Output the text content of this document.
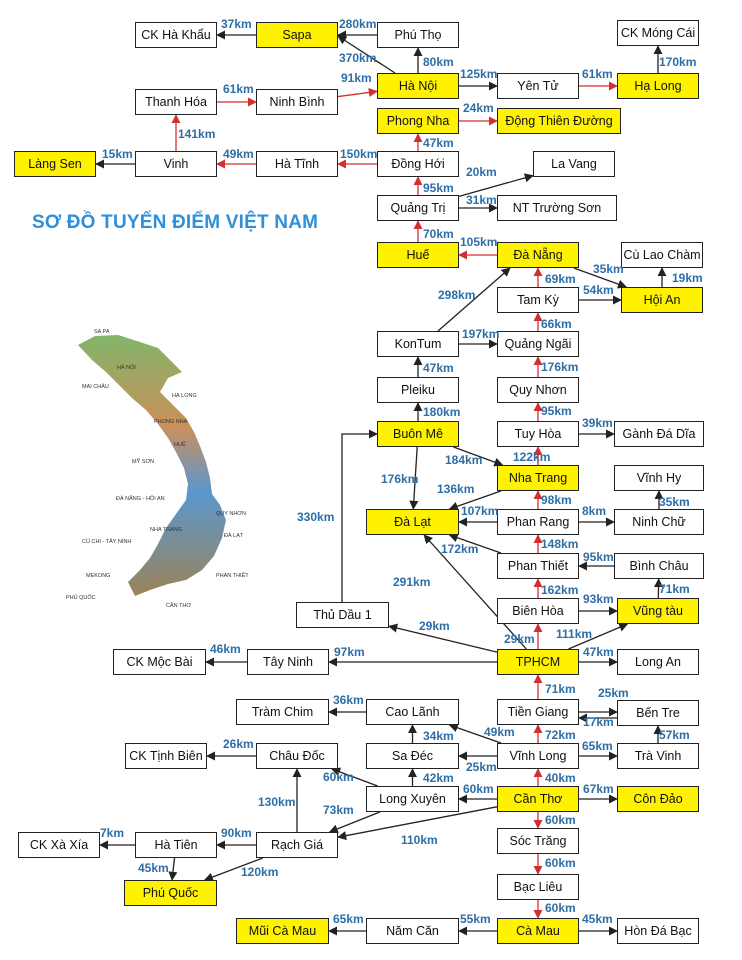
SƠ ĐỒ TUYẾN ĐIỂM VIỆT NAM
SA PA
HÀ NỘI
MAI CHÂU
HẠ LONG
PHONG NHA
HUẾ
MỸ SƠN
ĐÀ NẴNG - HỘI AN
QUY NHƠN
NHA TRANG
ĐÀ LẠT
CỦ CHI - TÂY NINH
MEKONG
PHÚ QUỐC
PHAN THIẾT
CẦN THƠ
CK Hà Khẩu	Sapa	Phú Thọ	CK Móng Cái
Hà Nội	Yên Tử	Hạ Long
Thanh Hóa	Ninh Bình
Phong Nha	Động Thiên Đường
Làng Sen	Vinh	Hà Tĩnh	Đồng Hới	La Vang
Quảng Trị	NT Trường Sơn
Huế	Đà Nẵng	Cù Lao Chàm
Tam Kỳ	Hội An
KonTum	Quảng Ngãi
Pleiku	Quy Nhơn
Buôn Mê	Tuy Hòa	Gành Đá Dĩa
Nha Trang	Vĩnh Hy
Đà Lạt	Phan Rang	Ninh Chữ
Phan Thiết	Bình Châu
Thủ Dầu 1	Biên Hòa	Vũng tàu
CK Mộc Bài	Tây Ninh	TPHCM	Long An
Tràm Chim	Cao Lãnh	Tiền Giang	Bến Tre
CK Tịnh Biên	Châu Đốc	Sa Đéc	Vĩnh Long	Trà Vinh
Long Xuyên	Cần Thơ	Côn Đảo
CK Xà Xía	Hà Tiên	Rạch Giá	Sóc Trăng
Phú Quốc	Bạc Liêu
Mũi Cà Mau	Năm Căn	Cà Mau	Hòn Đá Bạc
37km	280km
370km	80km
125km	61km
170km
91km
61km
24km
47km
150km
49km
141km
15km
95km
20km
31km
70km
105km
35km
19km
54km
69km
298km
197km
66km
47km	176km
180km	95km
39km
122km
184km
176km
136km
98km
107km	8km
35km
148km
172km
95km
71km
162km
93km
29km 111km
291km
29km
330km
97km
46km	47km
71km 25km
17km
57km
72km
65km
49km
36km
34km
25km
40km
67km
42km
60km
60km
26km
73km
130km
110km
90km
7km
45km	120km
60km
60km
60km
55km
65km	45km
